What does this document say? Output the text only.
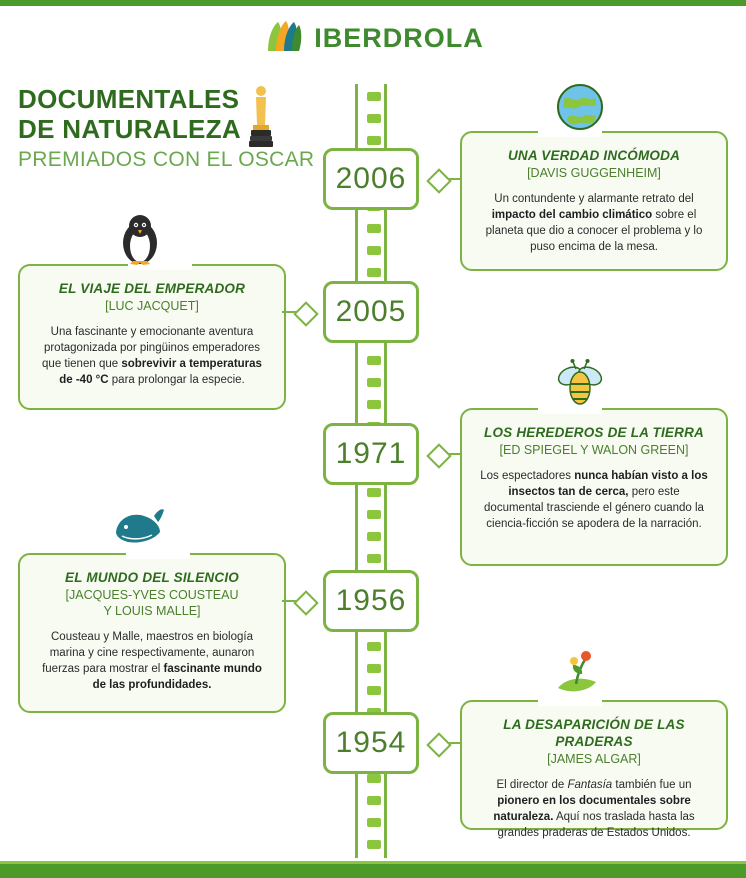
IBERDROLA
DOCUMENTALES
DE NATURALEZA
PREMIADOS CON EL OSCAR
2006
UNA VERDAD INCÓMODA
[DAVIS GUGGENHEIM]
Un contundente y alarmante retrato del impacto del cambio climático sobre el planeta que dio a conocer el problema y lo puso encima de la mesa.
2005
EL VIAJE DEL EMPERADOR
[LUC JACQUET]
Una fascinante y emocionante aventura protagonizada por pingüinos emperadores que tienen que sobrevivir a temperaturas de -40 °C para prolongar la especie.
1971
LOS HEREDEROS DE LA TIERRA
[ED SPIEGEL Y WALON GREEN]
Los espectadores nunca habían visto a los insectos tan de cerca, pero este documental trasciende el género cuando la ciencia-ficción se apodera de la narración.
1956
EL MUNDO DEL SILENCIO
[JACQUES-YVES COUSTEAU
Y LOUIS MALLE]
Cousteau y Malle, maestros en biología marina y cine respectivamente, aunaron fuerzas para mostrar el fascinante mundo de las profundidades.
1954
LA DESAPARICIÓN DE LAS PRADERAS
[JAMES ALGAR]
El director de Fantasía también fue un pionero en los documentales sobre naturaleza. Aquí nos traslada hasta las grandes praderas de Estados Unidos.
